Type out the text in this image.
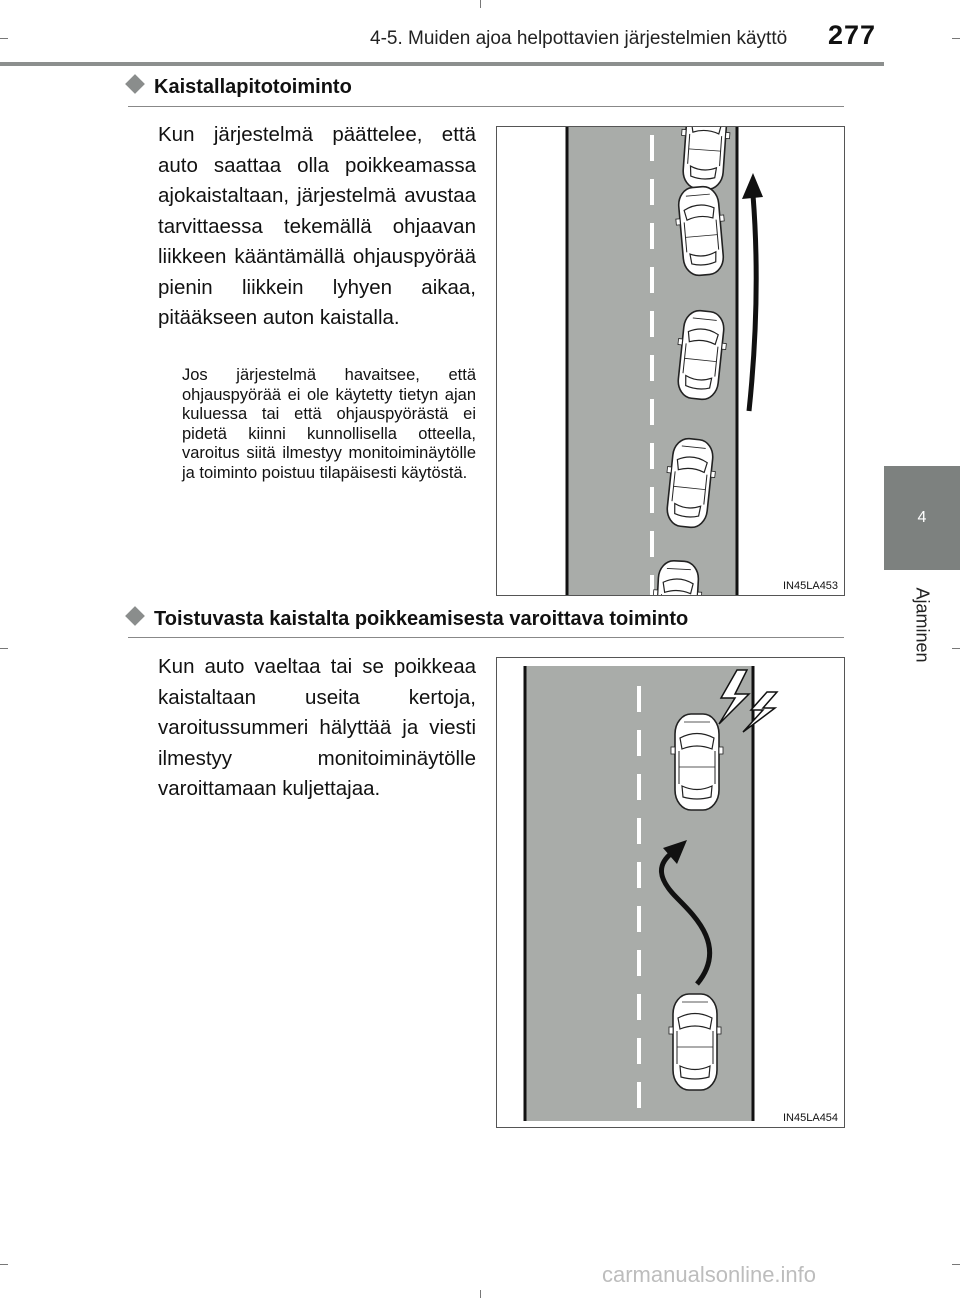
4-5. Muiden ajoa helpottavien järjestelmien käyttö 277
4
Ajaminen
Kaistallapitotoiminto
Kun järjestelmä päättelee, että auto saattaa olla poikkeamassa ajokaistaltaan, järjestelmä avustaa tarvittaessa tekemällä ohjaavan liikkeen kääntämällä ohjauspyörää pienin liikkein lyhyen aikaa, pitääkseen auton kaistalla.
Jos järjestelmä havaitsee, että ohjauspyörää ei ole käytetty tietyn ajan kuluessa tai että ohjauspyörästä ei pidetä kiinni kunnollisella otteella, varoitus siitä ilmestyy monitoiminäytölle ja toiminto poistuu tilapäisesti käytöstä.
IN45LA453
Toistuvasta kaistalta poikkeamisesta varoittava toiminto
Kun auto vaeltaa tai se poikkeaa kaistaltaan useita kertoja, varoitussummeri hälyttää ja viesti ilmestyy monitoiminäytölle varoittamaan kuljettajaa.
IN45LA454
carmanualsonline.info
